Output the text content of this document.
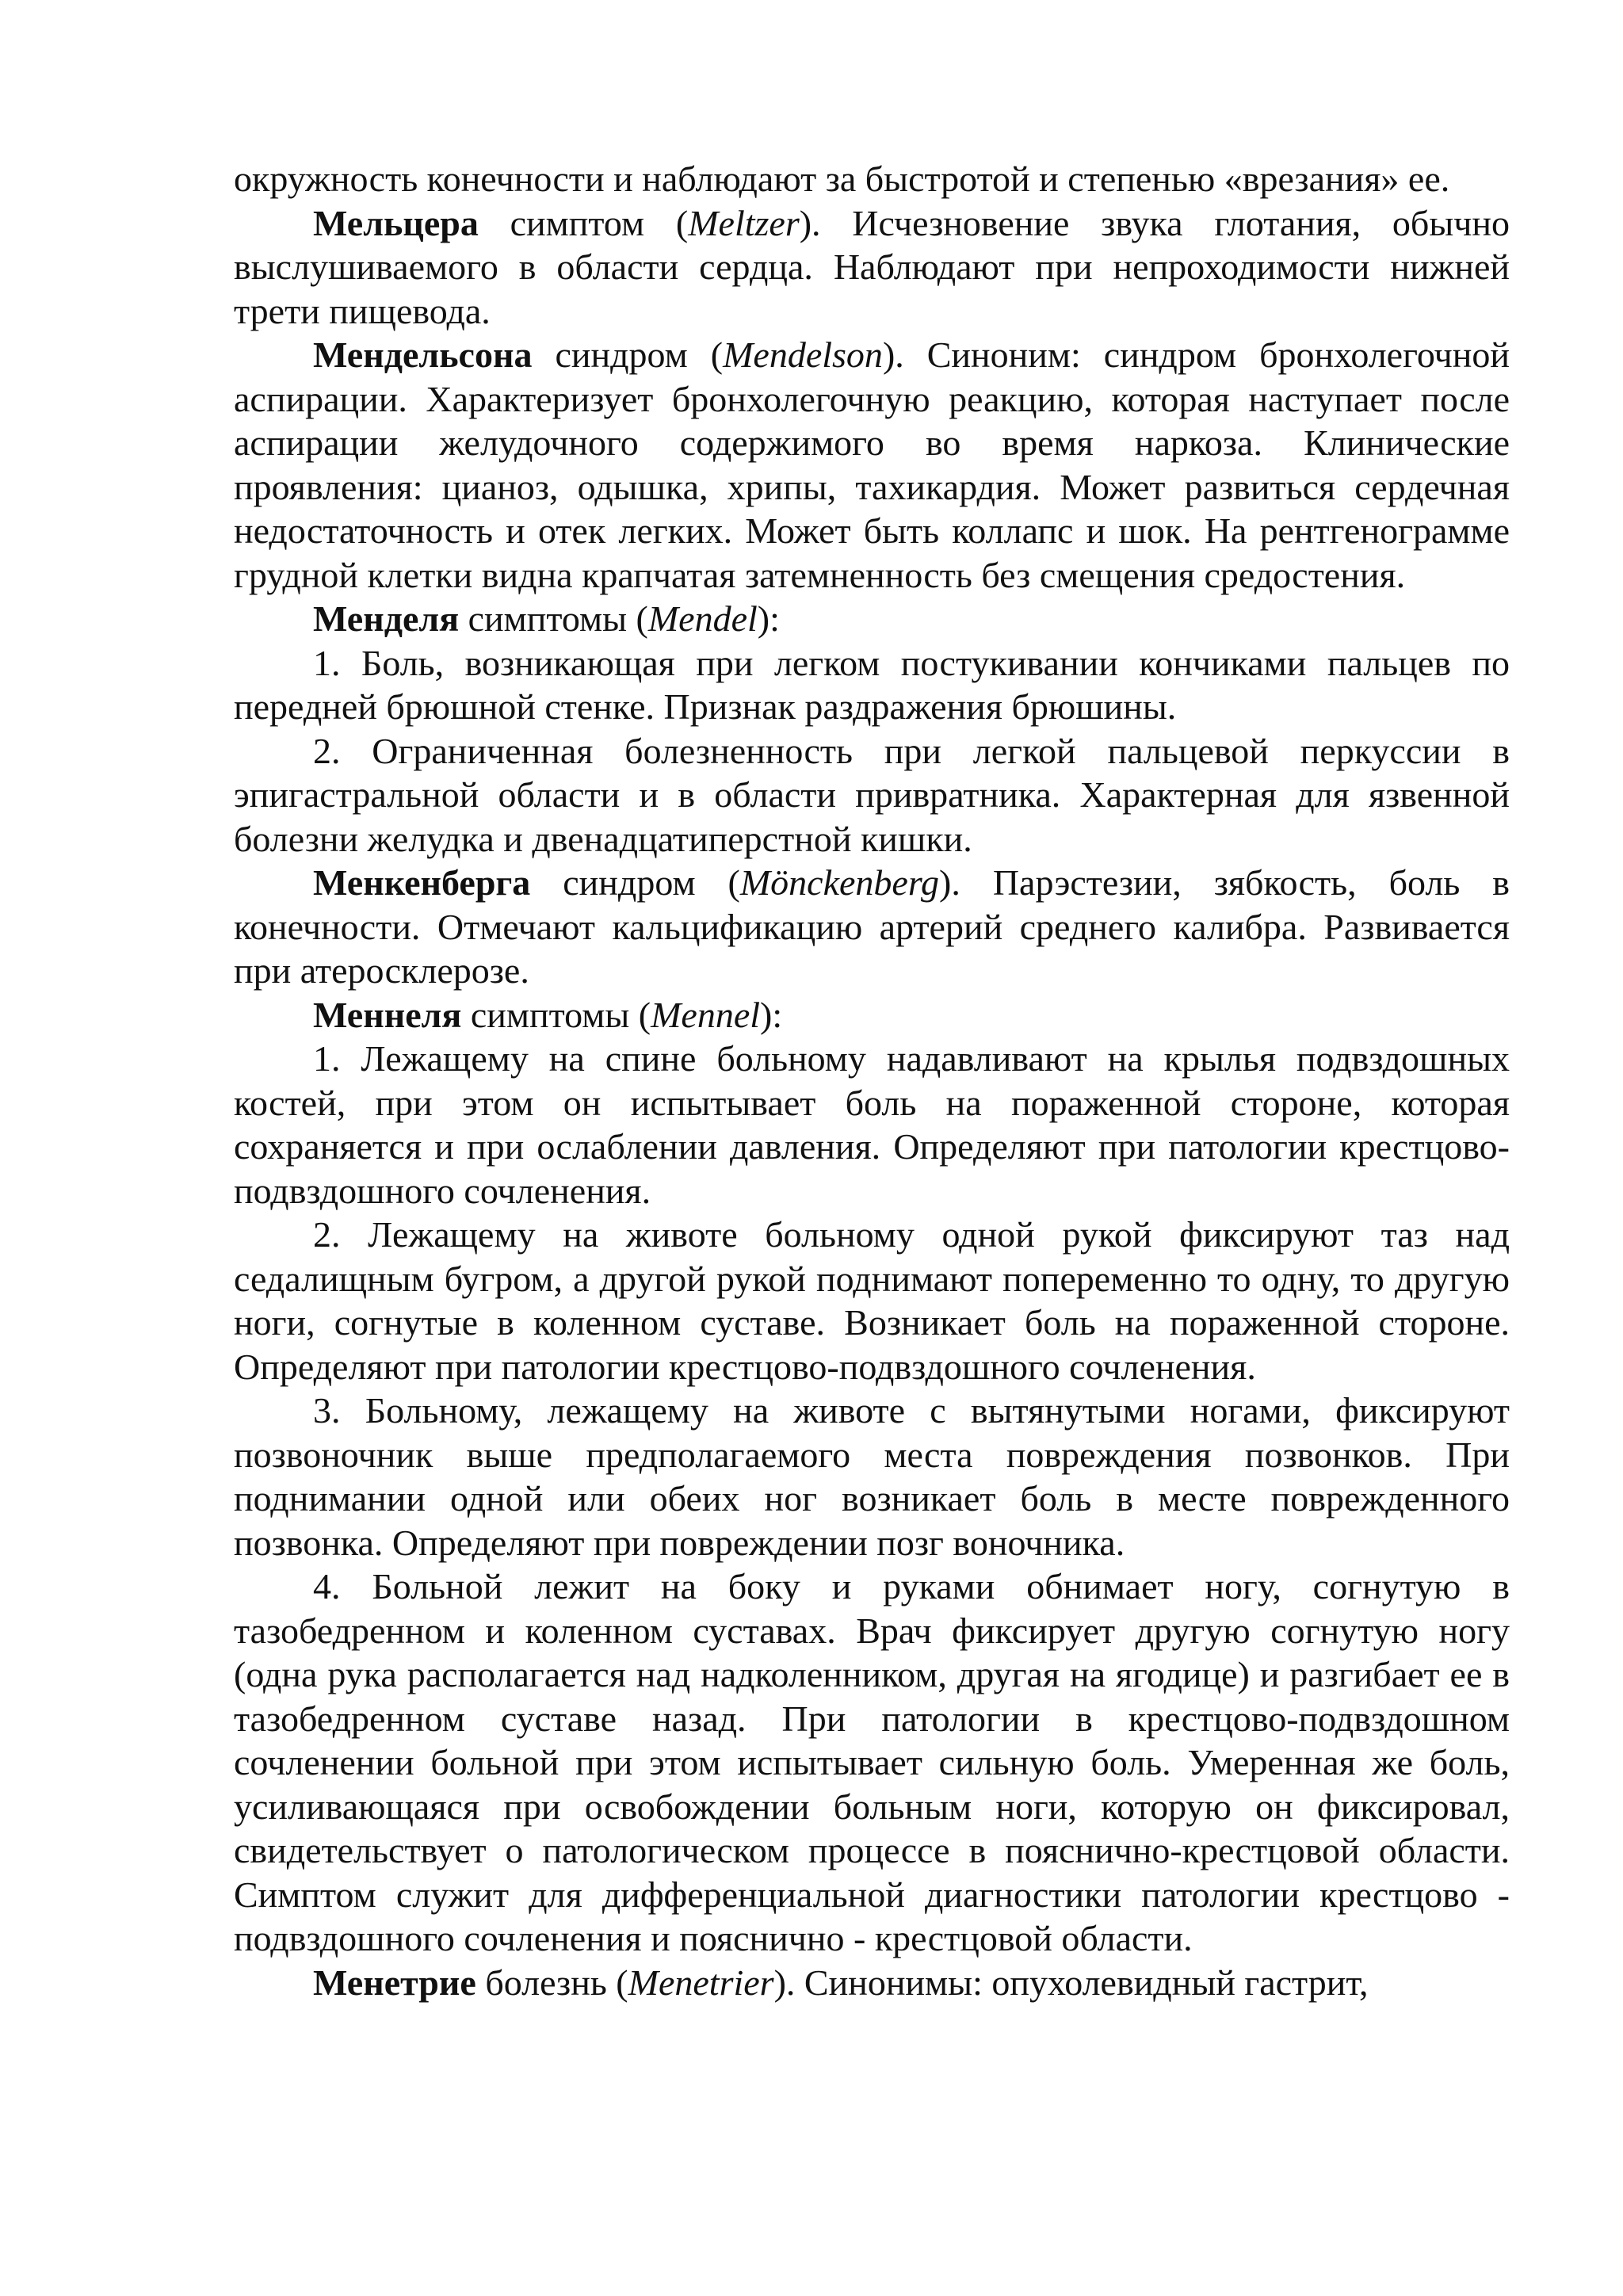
окружность конечности и наблюдают за быстротой и степенью «врезания» ее.

Мельцера симптом (Meltzer). Исчезновение звука глотания, обычно выслушиваемого в области сердца. Наблюдают при непроходимости нижней трети пищевода.

Мендельсона синдром (Mendelson). Синоним: синдром бронхолегочной аспирации. Характеризует бронхолегочную реакцию, которая наступает после аспирации желудочного содержимого во время наркоза. Клинические проявления: цианоз, одышка, хрипы, тахикардия. Может развиться сердечная недостаточность и отек легких. Может быть коллапс и шок. На рентгенограмме грудной клетки видна крапчатая затемненность без смещения средостения.

Менделя симптомы (Mendel):

1. Боль, возникающая при легком постукивании кончиками пальцев по передней брюшной стенке. Признак раздражения брюшины.

2. Ограниченная болезненность при легкой пальцевой перкуссии в эпигастральной области и в области привратника. Характерная для язвенной болезни желудка и двенадцатиперстной кишки.

Менкенберга синдром (Mönckenberg). Парэстезии, зябкость, боль в конечности. Отмечают кальцификацию артерий среднего калибра. Развивается при атеросклерозе.

Меннеля симптомы (Mennel):

1. Лежащему на спине больному надавливают на крылья подвздошных костей, при этом он испытывает боль на пораженной стороне, которая сохраняется и при ослаблении давления. Определяют при патологии крестцово-подвздошного сочленения.

2. Лежащему на животе больному одной рукой фиксируют таз над седалищным бугром, а другой рукой поднимают попеременно то одну, то другую ноги, согнутые в коленном суставе. Возникает боль на пораженной стороне. Определяют при патологии крестцово-подвздошного сочленения.

3. Больному, лежащему на животе с вытянутыми ногами, фиксируют позвоночник выше предполагаемого места повреждения позвонков. При поднимании одной или обеих ног возникает боль в месте поврежденного позвонка. Определяют при повреждении позг воночника.

4. Больной лежит на боку и руками обнимает ногу, согнутую в тазобедренном и коленном суставах. Врач фиксирует другую согнутую ногу (одна рука располагается над надколенником, другая на ягодице) и разгибает ее в тазобедренном суставе назад. При патологии в крестцово-подвздошном сочленении больной при этом испытывает сильную боль. Умеренная же боль, усиливающаяся при освобождении больным ноги, которую он фиксировал, свидетельствует о патологическом процессе в пояснично-крестцовой области. Симптом служит для дифференциальной диагностики патологии крестцово - подвздошного сочленения и пояснично - крестцовой области.

Менетрие болезнь (Menetrier). Синонимы: опухолевидный гастрит,
